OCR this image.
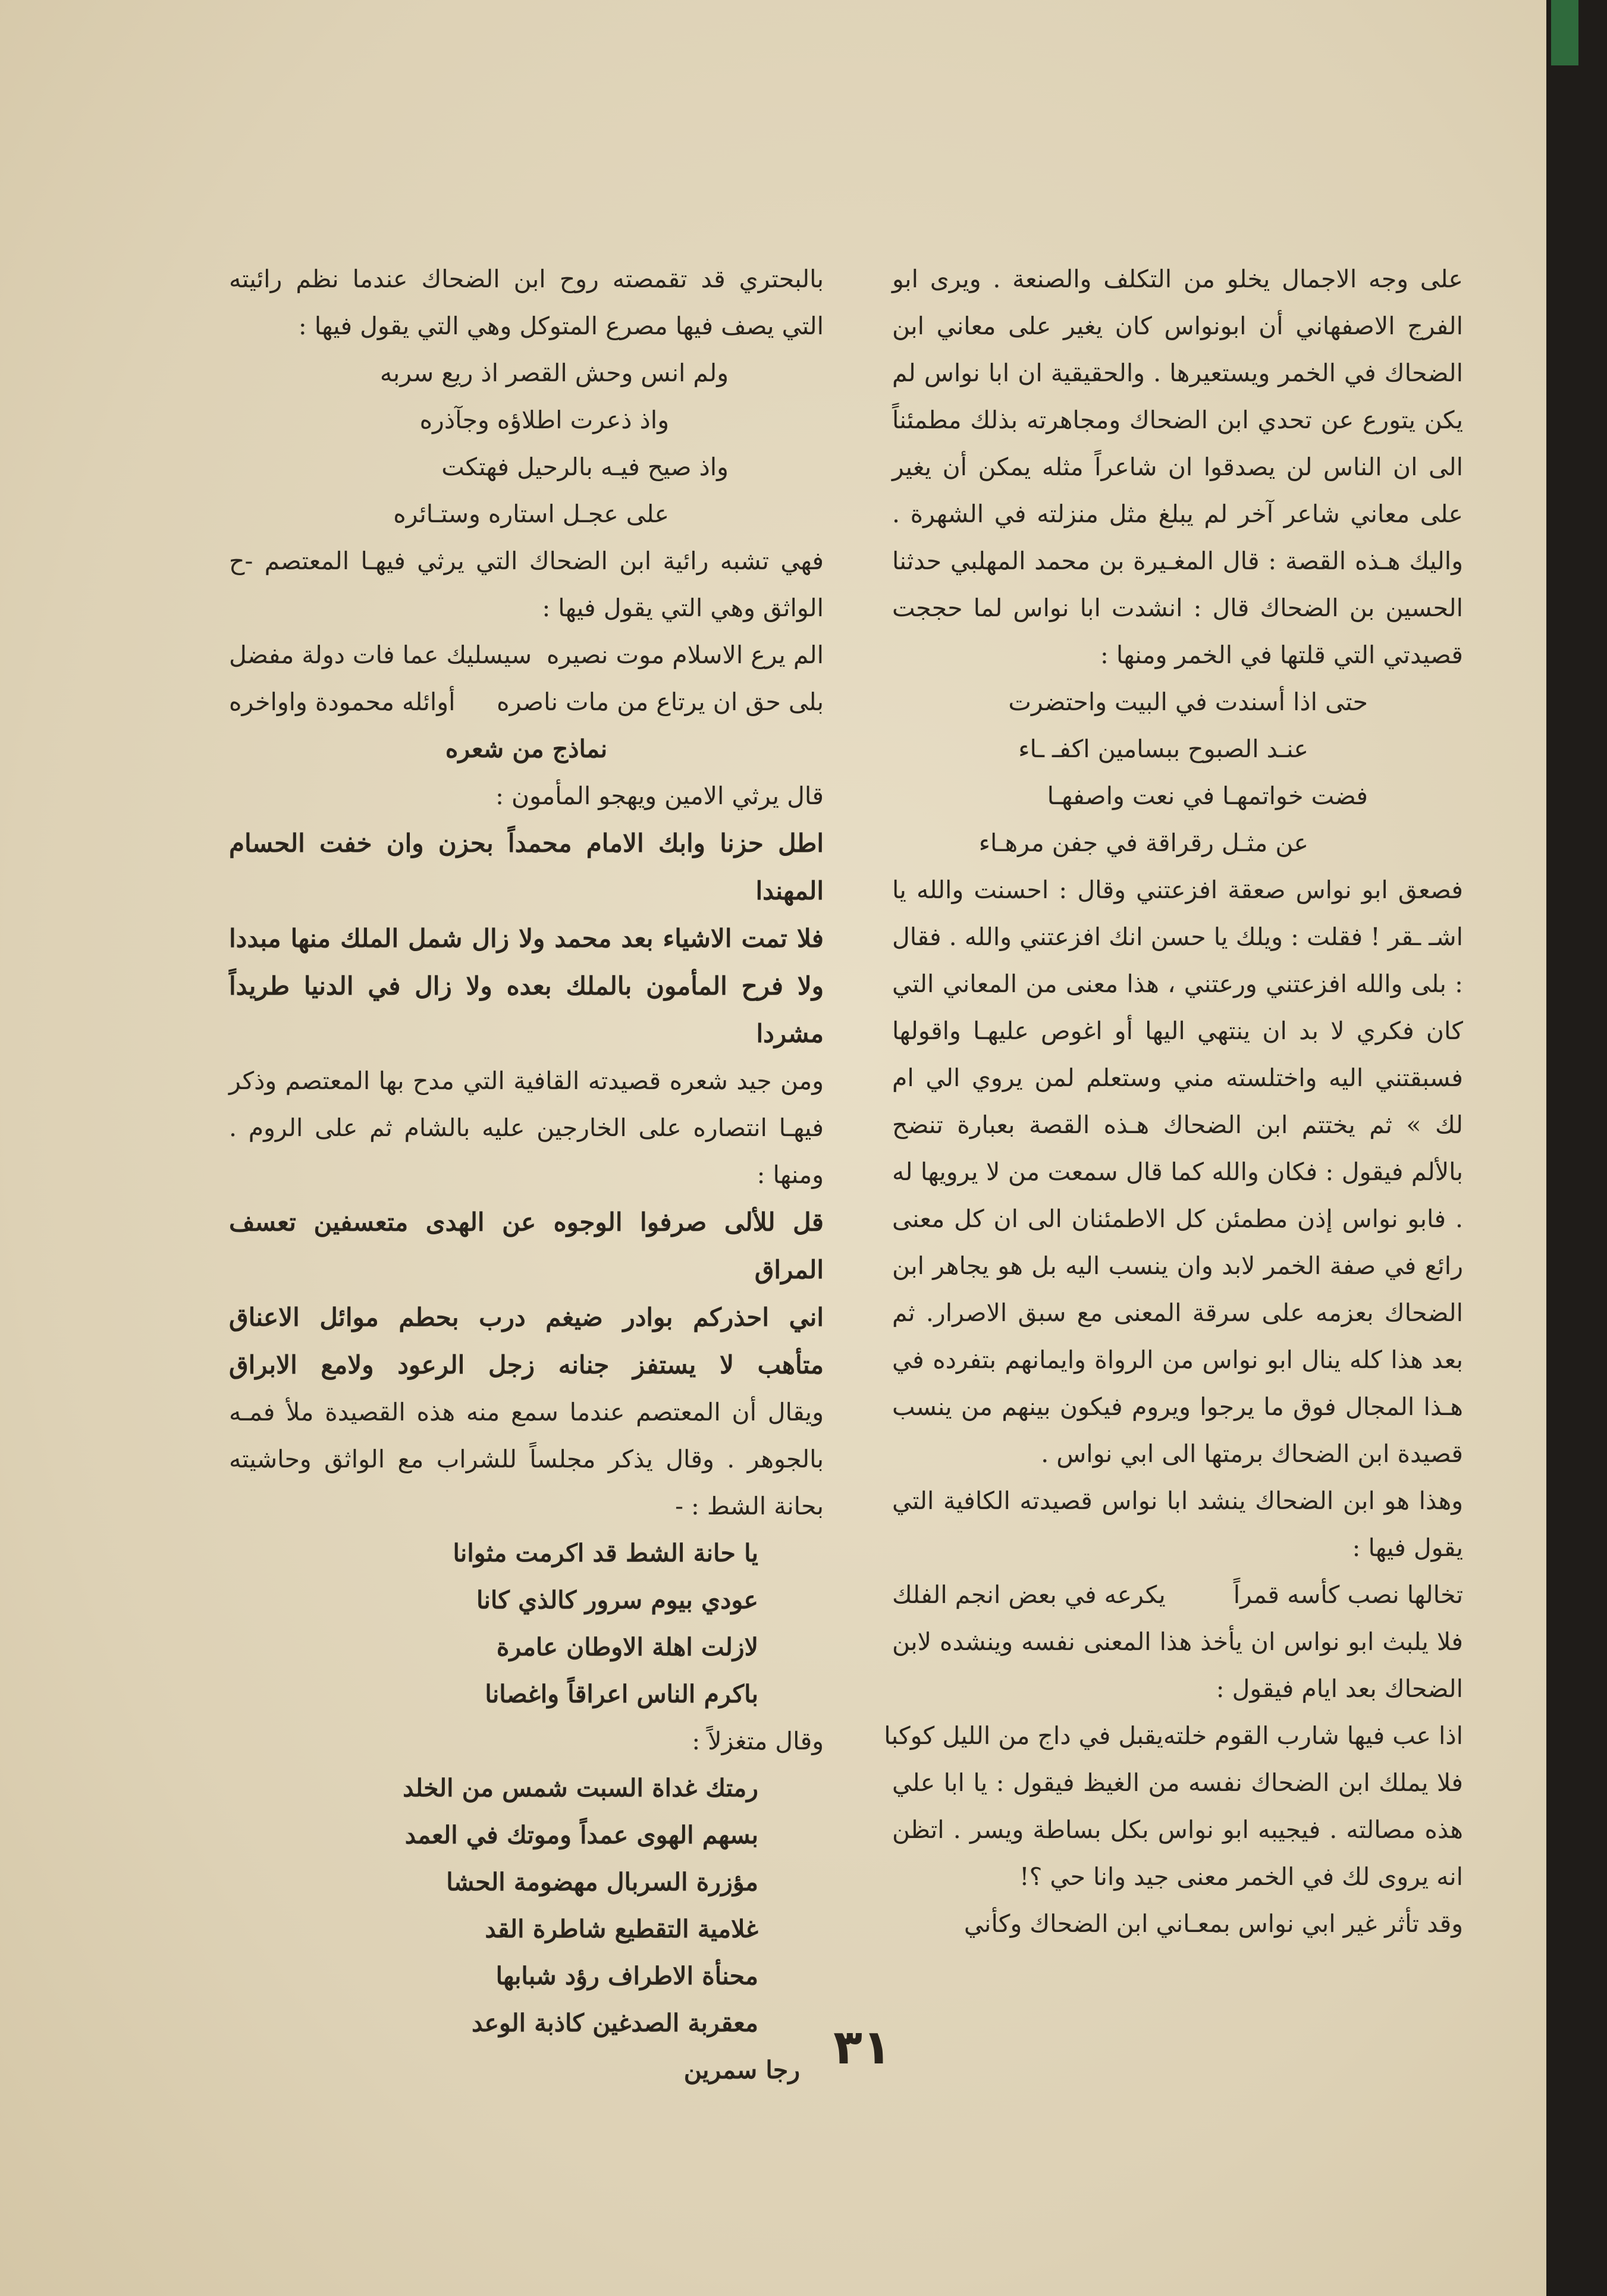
على وجه الاجمال يخلو من التكلف والصنعة . ويرى ابو الفرج الاصفهاني أن ابونواس كان يغير على معاني ابن الضحاك في الخمر ويستعيرها . والحقيقية ان ابا نواس لم يكن يتورع عن تحدي ابن الضحاك ومجاهرته بذلك مطمئناً الى ان الناس لن يصدقوا ان شاعراً مثله يمكن أن يغير على معاني شاعر آخر لم يبلغ مثل منزلته في الشهرة . واليك هـذه القصة : قال المغـيرة بن محمد المهلبي حدثنا الحسين بن الضحاك قال : انشدت ابا نواس لما حججت قصيدتي التي قلتها في الخمر ومنها :

حتى اذا أسندت في البيت واحتضرت

عنـد الصبوح ببسامين اكفـ ـاء

فضت خواتمهـا في نعت واصفهـا

عن مثـل رقراقة في جفن مرهـاء

فصعق ابو نواس صعقة افزعتني وقال : احسنت والله يا اشـ ـقر ! فقلت : ويلك يا حسن انك افزعتني والله . فقال : بلى والله افزعتني ورعتني ، هذا معنى من المعاني التي كان فكري لا بد ان ينتهي اليها أو اغوص عليهـا واقولها فسبقتني اليه واختلسته مني وستعلم لمن يروي الي ام لك » ثم يختتم ابن الضحاك هـذه القصة بعبارة تنضح بالألم فيقول : فكان والله كما قال سمعت من لا يرويها له . فابو نواس إذن مطمئن كل الاطمئنان الى ان كل معنى رائع في صفة الخمر لابد وان ينسب اليه بل هو يجاهر ابن الضحاك بعزمه على سرقة المعنى مع سبق الاصرار. ثم بعد هذا كله ينال ابو نواس من الرواة وايمانهم بتفرده في هـذا المجال فوق ما يرجوا ويروم فيكون بينهم من ينسب قصيدة ابن الضحاك برمتها الى ابي نواس .

وهذا هو ابن الضحاك ينشد ابا نواس قصيدته الكافية التي يقول فيها :

تخالها نصب كأسه قمراً
يكرعه في بعض انجم الفلك

فلا يلبث ابو نواس ان يأخذ هذا المعنى نفسه وينشده لابن الضحاك بعد ايام فيقول :

اذا عب فيها شارب القوم خلته
يقبل في داج من الليل كوكبا

فلا يملك ابن الضحاك نفسه من الغيظ فيقول : يا ابا علي هذه مصالته . فيجيبه ابو نواس بكل بساطة ويسر . اتظن انه يروى لك في الخمر معنى جيد وانا حي ؟!

وقد تأثر غير ابي نواس بمعـاني ابن الضحاك وكأني

بالبحتري قد تقمصته روح ابن الضحاك عندما نظم رائيته التي يصف فيها مصرع المتوكل وهي التي يقول فيها :

ولم انس وحش القصر اذ ريع سربه

واذ ذعرت اطلاؤه وجآذره

واذ صيح فيـه بالرحيل فهتكت

على عجـل استاره وستـائره

فهي تشبه رائية ابن الضحاك التي يرثي فيهـا المعتصم -ح الواثق وهي التي يقول فيها :

الم يرع الاسلام موت نصيره
سيسليك عما فات دولة مفضل
بلى حق ان يرتاع من مات ناصره
أوائله محمودة واواخره

نماذج من شعره

قال يرثي الامين ويهجو المأمون :

اطل حزنا وابك الامام محمداً بحزن وان خفت الحسام المهندا

فلا تمت الاشياء بعد محمد ولا زال شمل الملك منها مبددا

ولا فرح المأمون بالملك بعده ولا زال في الدنيا طريداً مشردا

ومن جيد شعره قصيدته القافية التي مدح بها المعتصم وذكر فيهـا انتصاره على الخارجين عليه بالشام ثم على الروم . ومنها :

قل للألى صرفوا الوجوه عن الهدى متعسفين تعسف المراق

اني احذركم بوادر ضيغم درب بحطم موائل الاعناق

متأهب لا يستفز جنانه زجل الرعود ولامع الابراق

ويقال أن المعتصم عندما سمع منه هذه القصيدة ملأ فمـه بالجوهر . وقال يذكر مجلساً للشراب مع الواثق وحاشيته بحانة الشط : -

يا حانة الشط قد اكرمت مثوانا

عودي بيوم سرور كالذي كانا

لازلت اهلة الاوطان عامرة

باكرم الناس اعراقاً واغصانا

وقال متغزلاً :

رمتك غداة السبت شمس من الخلد

بسهم الهوى عمداً وموتك في العمد

مؤزرة السربال مهضومة الحشا

غلامية التقطيع شاطرة القد

محنأة الاطراف رؤد شبابها

معقربة الصدغين كاذبة الوعد

رجا سمرين ٣١
